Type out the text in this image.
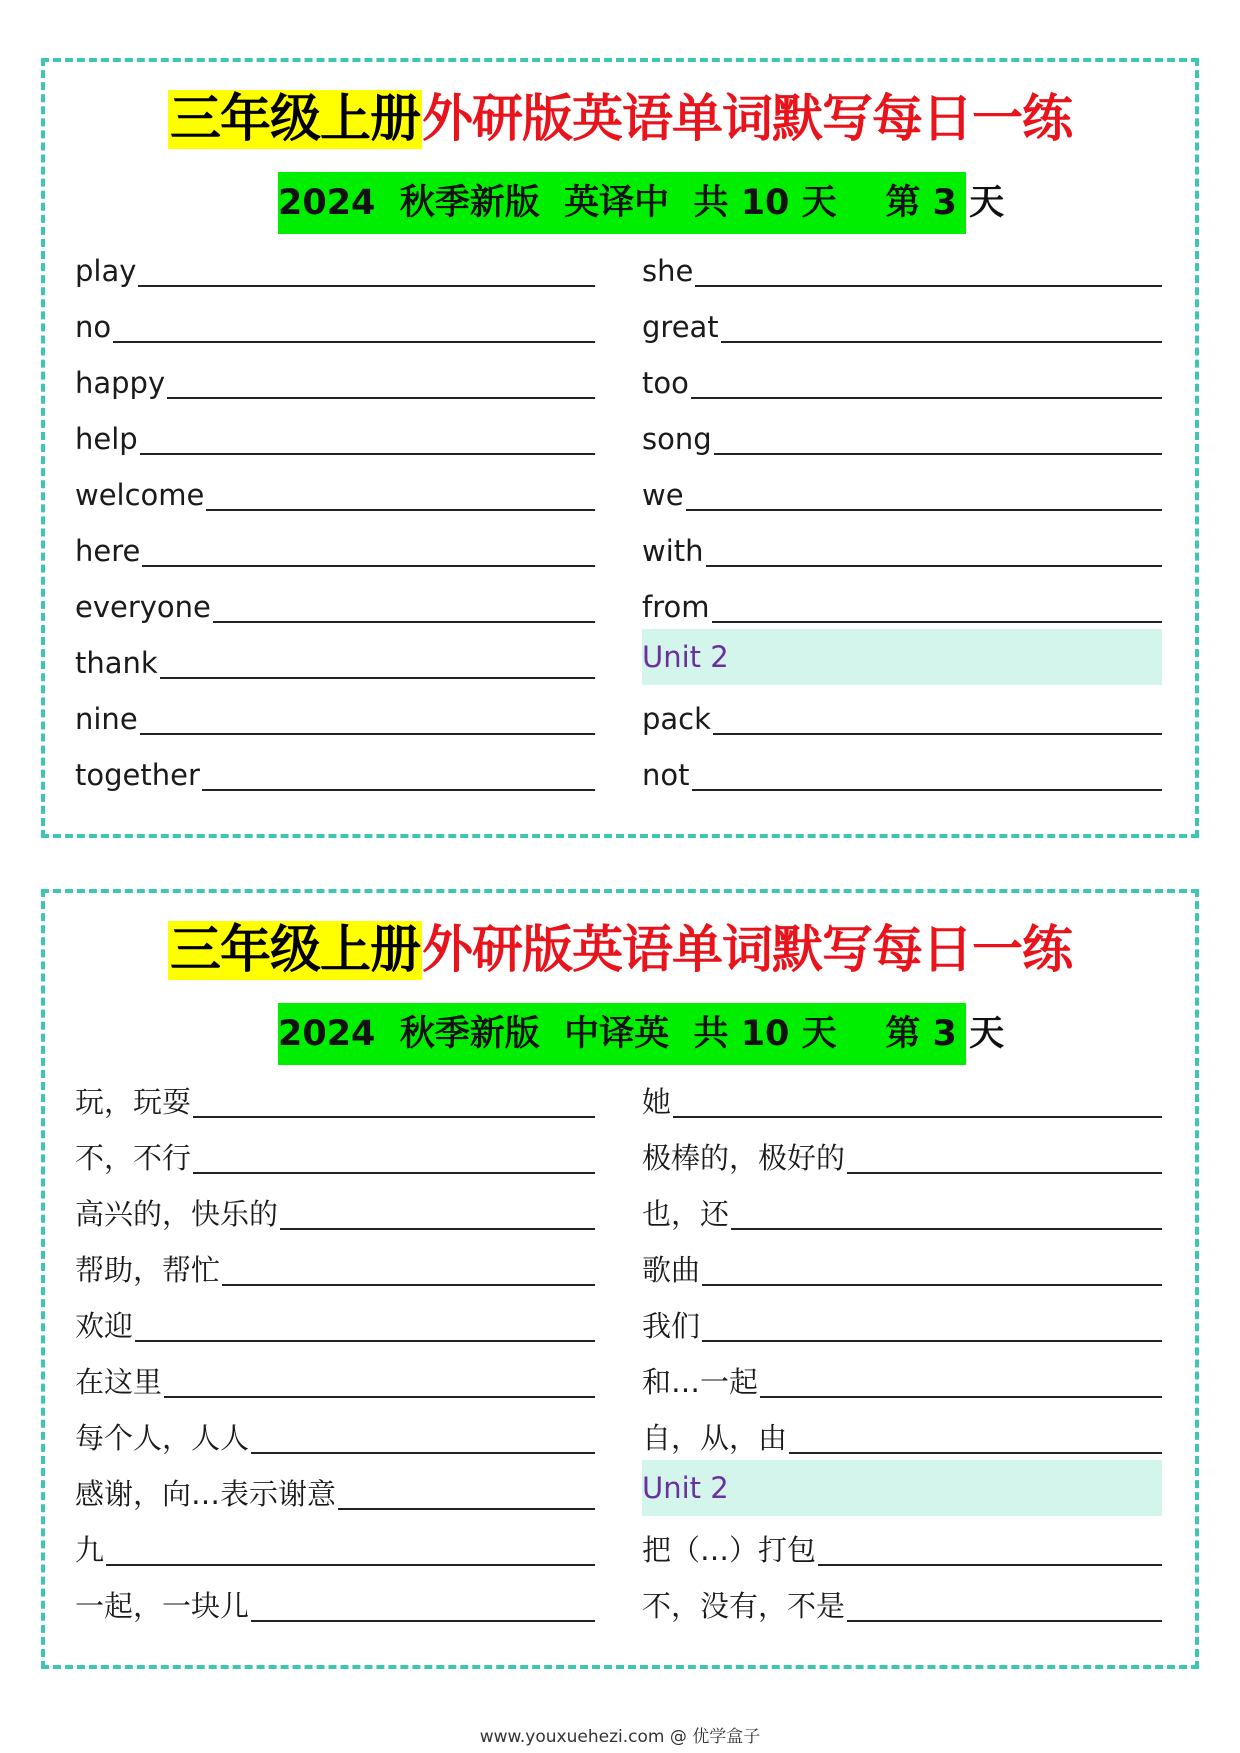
三年级上册外研版英语单词默写每日一练
2024  秋季新版  英译中  共 10 天    第 3 天
play
no
happy
help
welcome
here
everyone
thank
nine
together
she
great
too
song
we
with
from
Unit 2
pack
not
三年级上册外研版英语单词默写每日一练
2024  秋季新版  中译英  共 10 天    第 3 天
玩，玩耍
不，不行
高兴的，快乐的
帮助，帮忙
欢迎
在这里
每个人，人人
感谢，向…表示谢意
九
一起，一块儿
她
极棒的，极好的
也，还
歌曲
我们
和…一起
自，从，由
Unit 2
把（…）打包
不，没有，不是
www.youxuehezi.com @ 优学盒子
